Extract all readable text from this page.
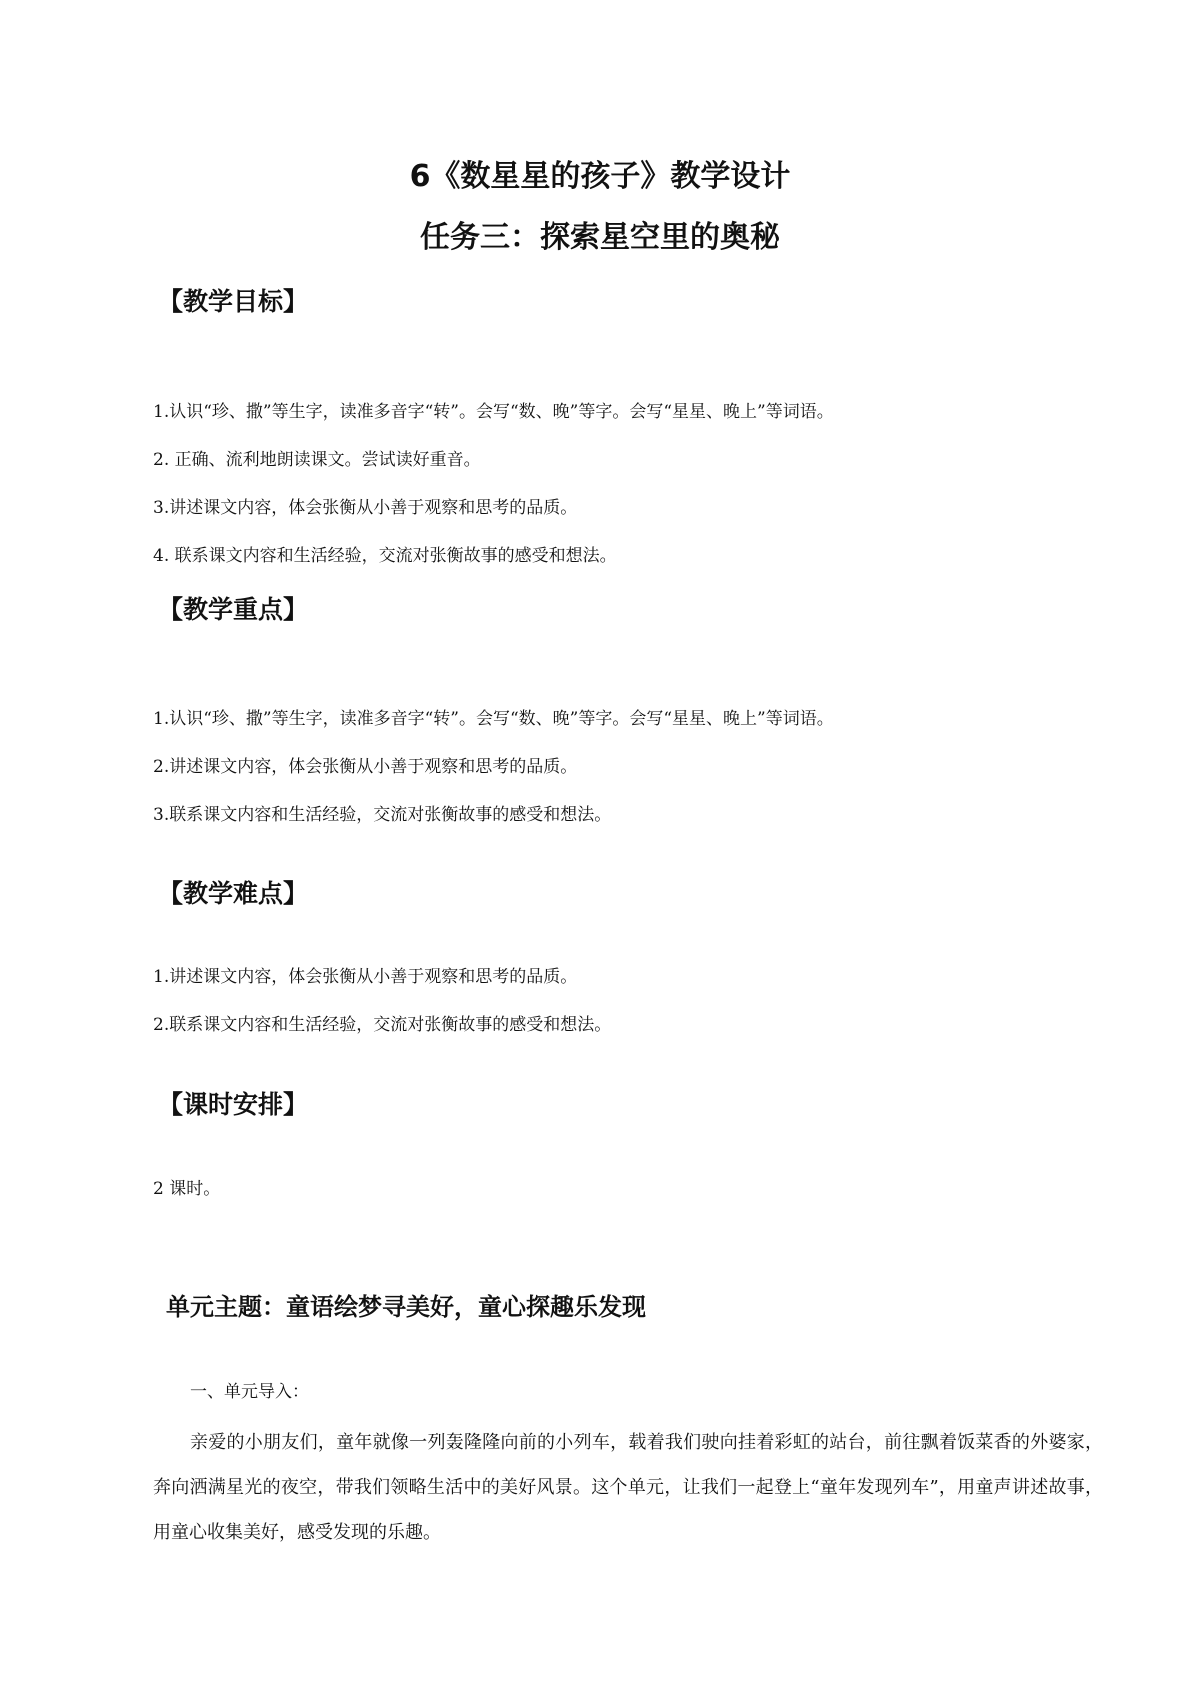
6《数星星的孩子》教学设计
任务三：探索星空里的奥秘
【教学目标】
1.认识“珍、撒”等生字，读准多音字“转”。会写“数、晚”等字。会写“星星、晚上”等词语。
2. 正确、流利地朗读课文。尝试读好重音。
3.讲述课文内容，体会张衡从小善于观察和思考的品质。
4. 联系课文内容和生活经验，交流对张衡故事的感受和想法。
【教学重点】
1.认识“珍、撒”等生字，读准多音字“转”。会写“数、晚”等字。会写“星星、晚上”等词语。
2.讲述课文内容，体会张衡从小善于观察和思考的品质。
3.联系课文内容和生活经验，交流对张衡故事的感受和想法。
【教学难点】
1.讲述课文内容，体会张衡从小善于观察和思考的品质。
2.联系课文内容和生活经验，交流对张衡故事的感受和想法。
【课时安排】
2 课时。
单元主题：童语绘梦寻美好，童心探趣乐发现

一、单元导入：

亲爱的小朋友们，童年就像一列轰隆隆向前的小列车，载着我们驶向挂着彩虹的站台，前往飘着饭菜香的外婆家，奔向洒满星光的夜空，带我们领略生活中的美好风景。这个单元，让我们一起登上“童年发现列车”，用童声讲述故事，用童心收集美好，感受发现的乐趣。
